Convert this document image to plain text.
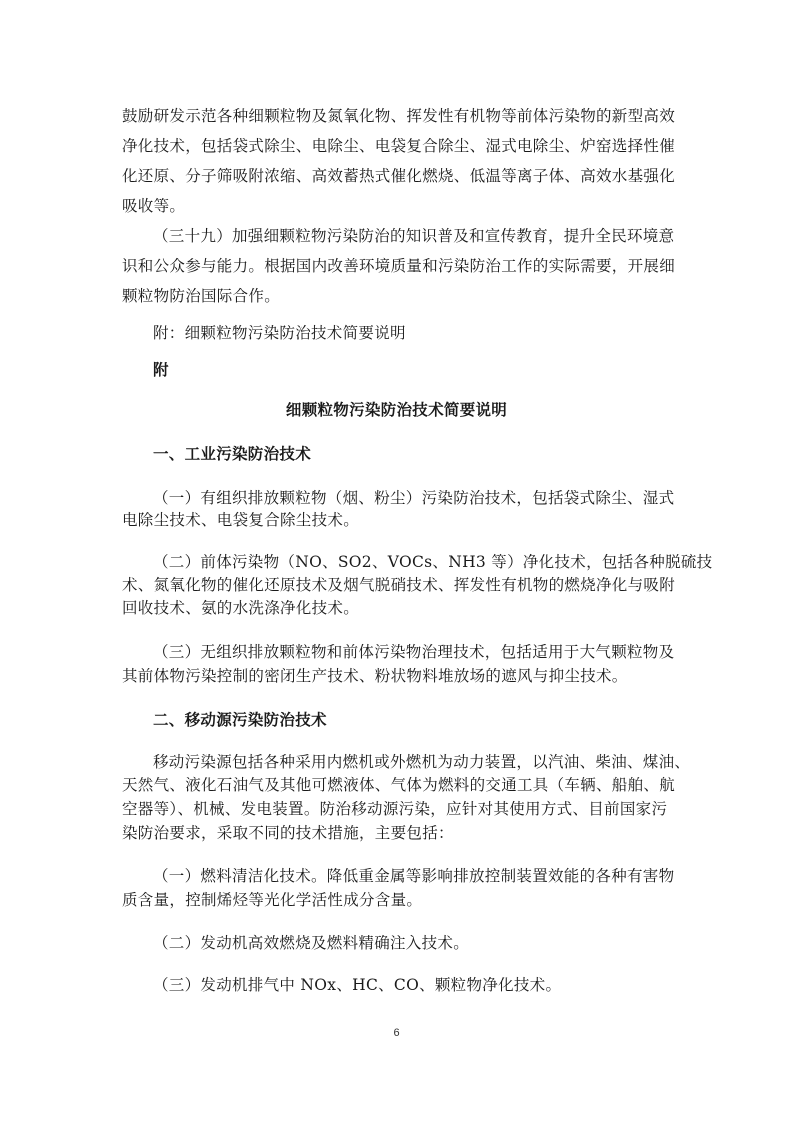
鼓励研发示范各种细颗粒物及氮氧化物、挥发性有机物等前体污染物的新型高效
净化技术，包括袋式除尘、电除尘、电袋复合除尘、湿式电除尘、炉窑选择性催
化还原、分子筛吸附浓缩、高效蓄热式催化燃烧、低温等离子体、高效水基强化
吸收等。
（三十九）加强细颗粒物污染防治的知识普及和宣传教育，提升全民环境意
识和公众参与能力。根据国内改善环境质量和污染防治工作的实际需要，开展细
颗粒物防治国际合作。
附：细颗粒物污染防治技术简要说明
附
细颗粒物污染防治技术简要说明
一、工业污染防治技术
（一）有组织排放颗粒物（烟、粉尘）污染防治技术，包括袋式除尘、湿式
电除尘技术、电袋复合除尘技术。
（二）前体污染物（NO、SO2、VOCs、NH3 等）净化技术，包括各种脱硫技
术、氮氧化物的催化还原技术及烟气脱硝技术、挥发性有机物的燃烧净化与吸附
回收技术、氨的水洗涤净化技术。
（三）无组织排放颗粒物和前体污染物治理技术，包括适用于大气颗粒物及
其前体物污染控制的密闭生产技术、粉状物料堆放场的遮风与抑尘技术。
二、移动源污染防治技术
移动污染源包括各种采用内燃机或外燃机为动力装置，以汽油、柴油、煤油、
天然气、液化石油气及其他可燃液体、气体为燃料的交通工具（车辆、船舶、航
空器等）、机械、发电装置。防治移动源污染，应针对其使用方式、目前国家污
染防治要求，采取不同的技术措施，主要包括：
（一）燃料清洁化技术。降低重金属等影响排放控制装置效能的各种有害物
质含量，控制烯烃等光化学活性成分含量。
（二）发动机高效燃烧及燃料精确注入技术。
（三）发动机排气中 NOx、HC、CO、颗粒物净化技术。
6
